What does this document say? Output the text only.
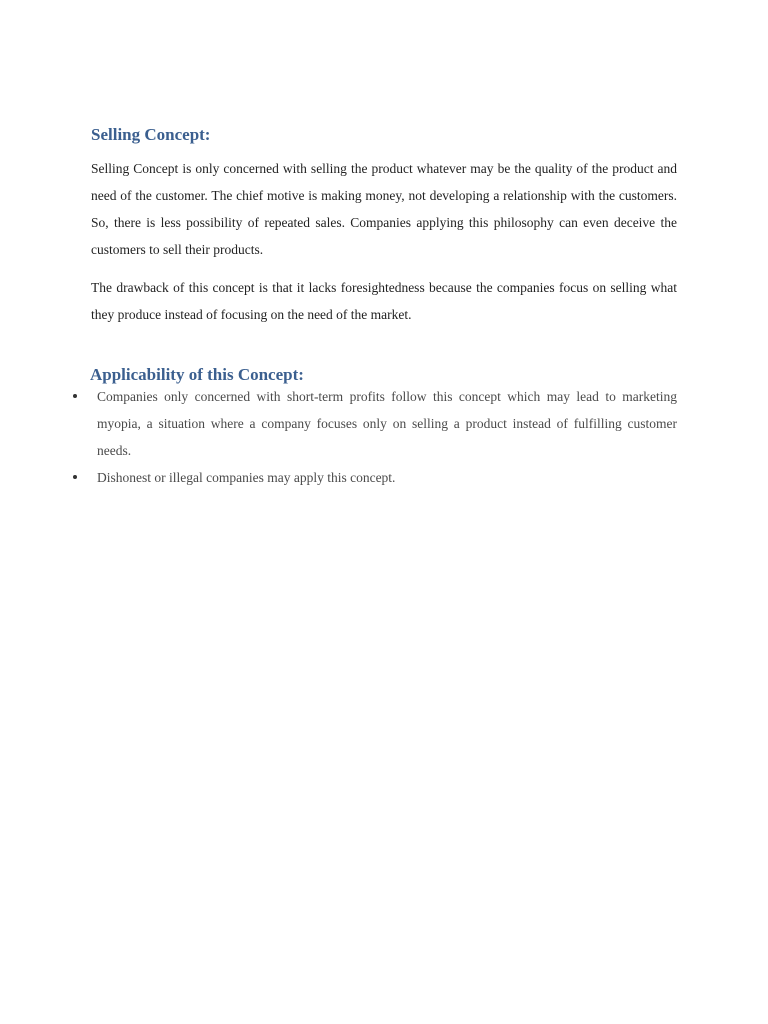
Selling Concept:

Selling Concept is only concerned with selling the product whatever may be the quality of the product and need of the customer. The chief motive is making money, not developing a relationship with the customers. So, there is less possibility of repeated sales. Companies applying this philosophy can even deceive the customers to sell their products.

The drawback of this concept is that it lacks foresightedness because the companies focus on selling what they produce instead of focusing on the need of the market.

Applicability of this Concept:
Companies only concerned with short-term profits follow this concept which may lead to marketing myopia, a situation where a company focuses only on selling a product instead of fulfilling customer needs.
Dishonest or illegal companies may apply this concept.
